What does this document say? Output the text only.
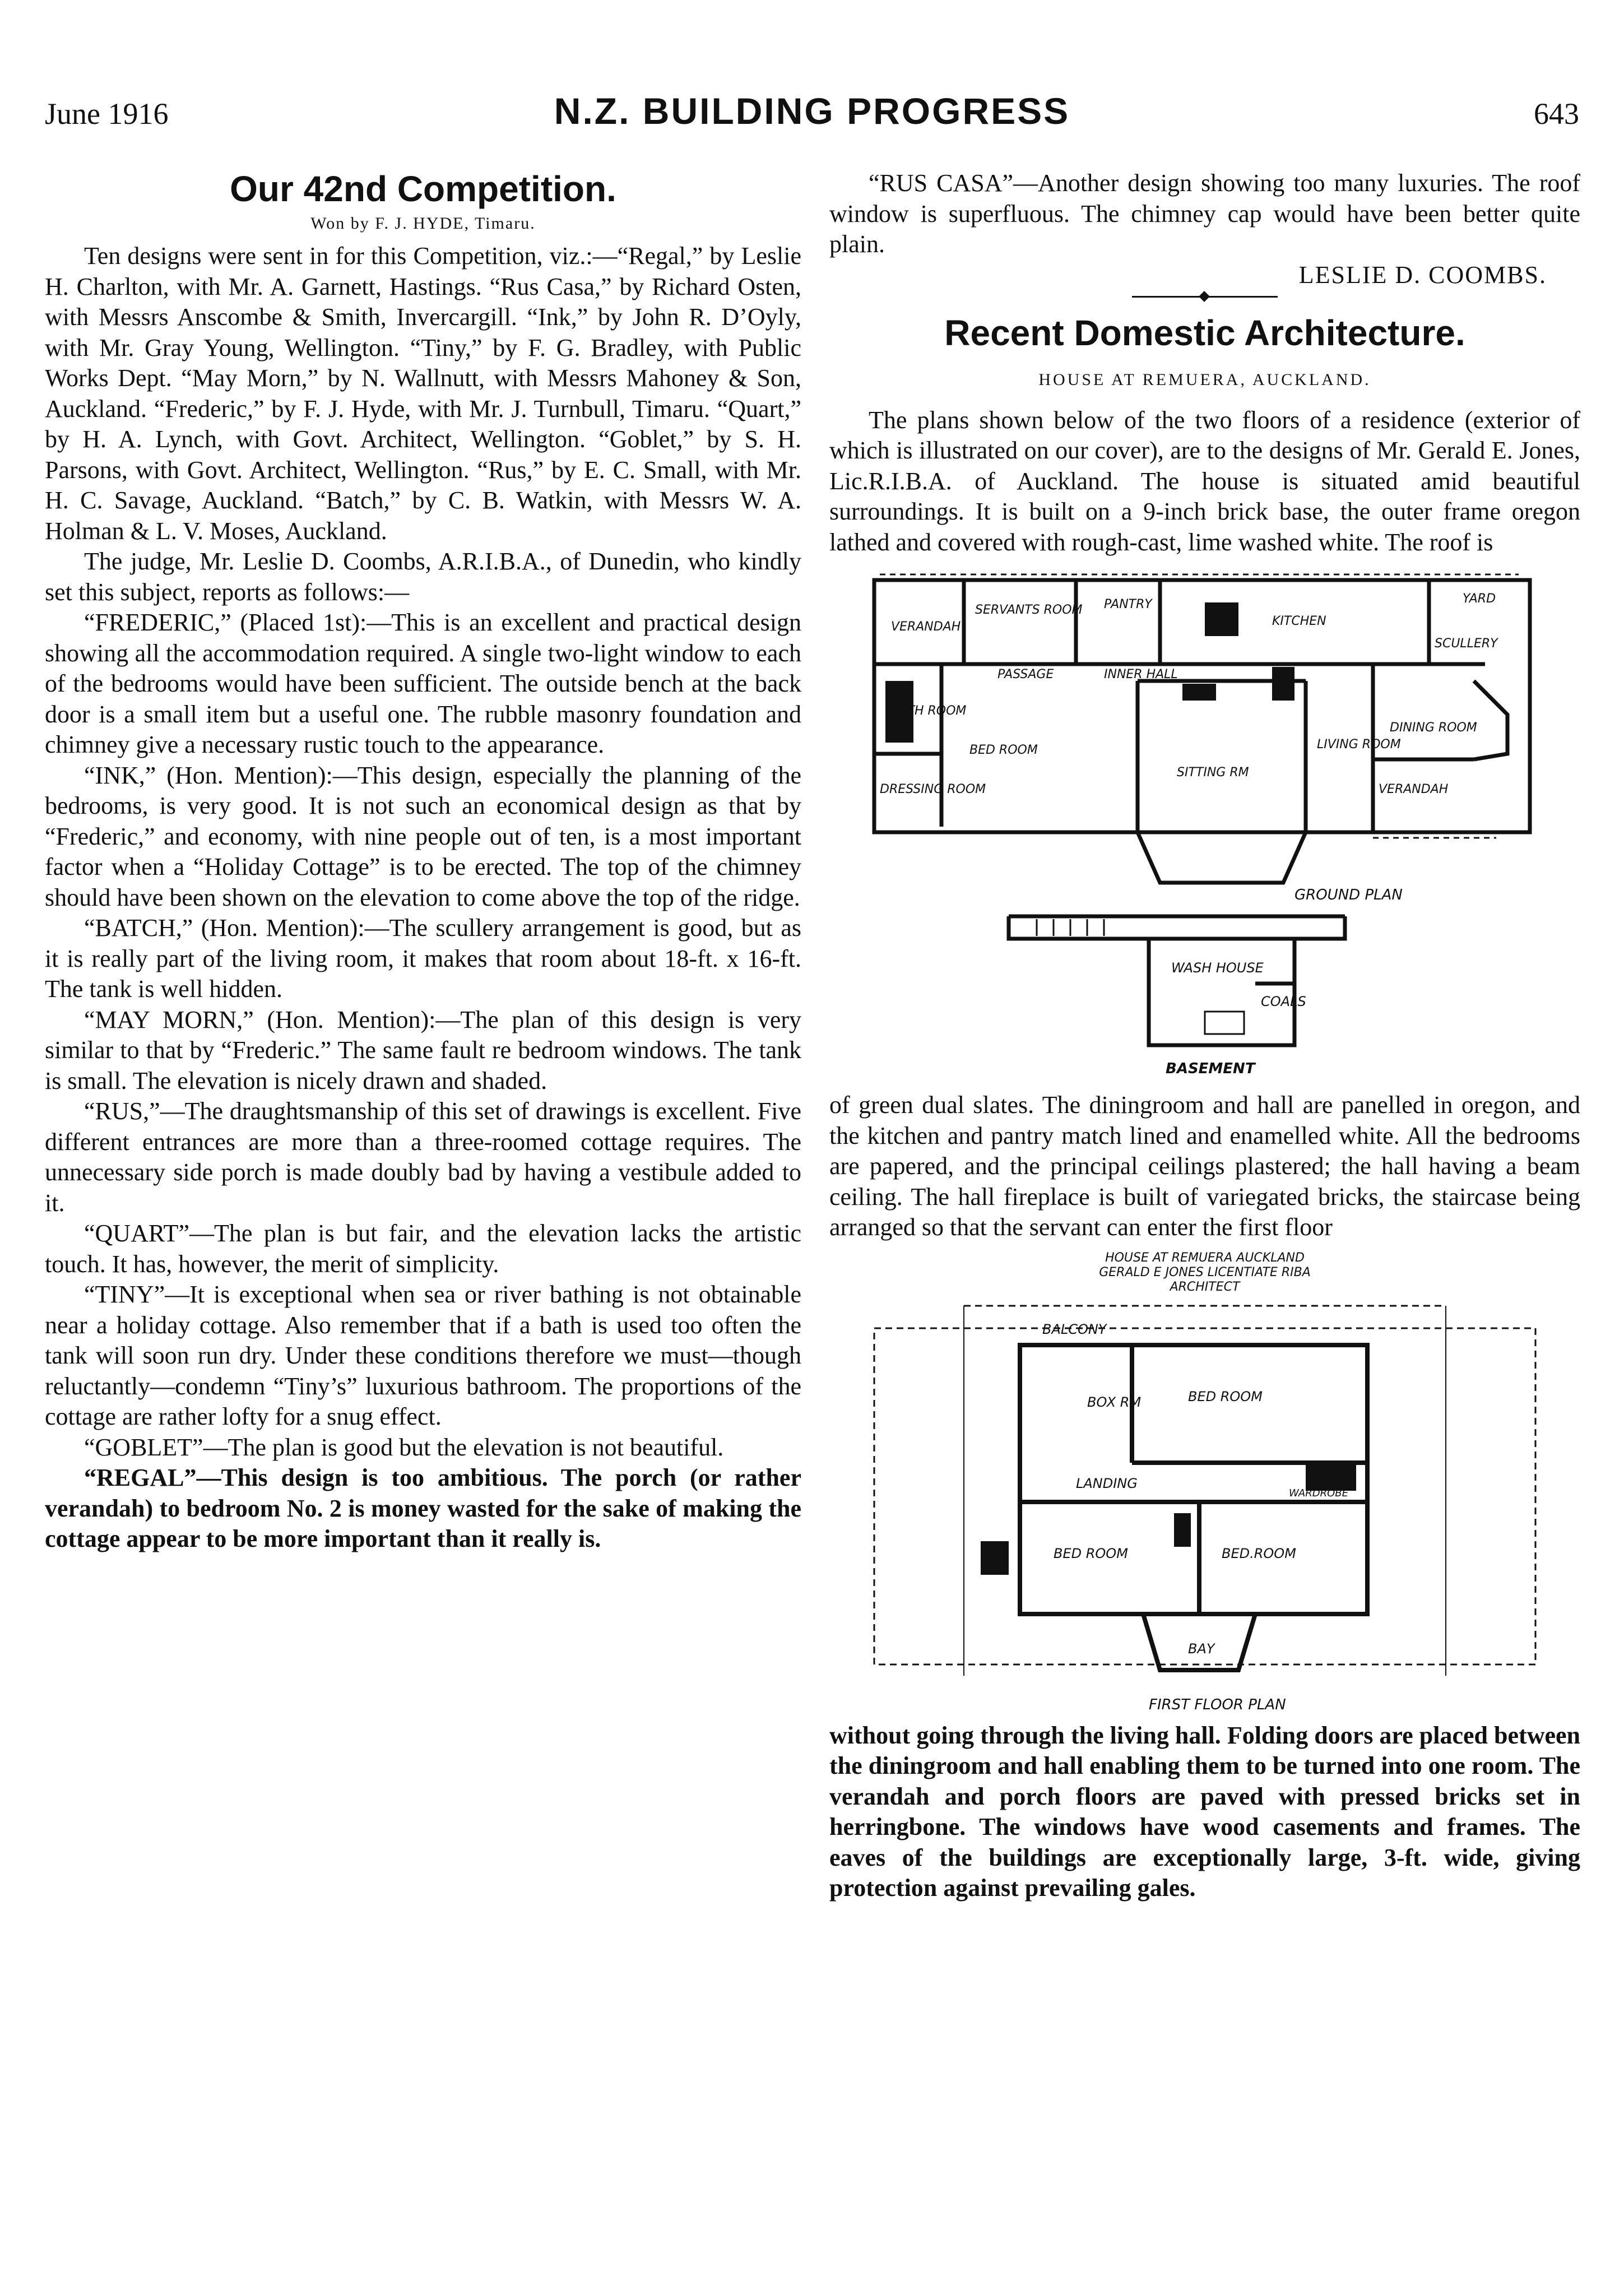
June 1916	N.Z. BUILDING PROGRESS	643
Our 42nd Competition.
Won by F. J. HYDE, Timaru.

Ten designs were sent in for this Competition, viz.:—“Regal,” by Leslie H. Charlton, with Mr. A. Garnett, Hastings. “Rus Casa,” by Richard Osten, with Messrs Anscombe & Smith, Invercargill. “Ink,” by John R. D’Oyly, with Mr. Gray Young, Wellington. “Tiny,” by F. G. Bradley, with Public Works Dept. “May Morn,” by N. Wallnutt, with Messrs Mahoney & Son, Auckland. “Frederic,” by F. J. Hyde, with Mr. J. Turnbull, Timaru. “Quart,” by H. A. Lynch, with Govt. Architect, Wellington. “Goblet,” by S. H. Parsons, with Govt. Architect, Wellington. “Rus,” by E. C. Small, with Mr. H. C. Savage, Auckland. “Batch,” by C. B. Watkin, with Messrs W. A. Holman & L. V. Moses, Auckland.

The judge, Mr. Leslie D. Coombs, A.R.I.B.A., of Dunedin, who kindly set this subject, reports as follows:—

“FREDERIC,” (Placed 1st):—This is an excellent and practical design showing all the accommodation required. A single two-light window to each of the bedrooms would have been sufficient. The outside bench at the back door is a small item but a useful one. The rubble masonry foundation and chimney give a necessary rustic touch to the appearance.

“INK,” (Hon. Mention):—This design, especially the planning of the bedrooms, is very good. It is not such an economical design as that by “Frederic,” and economy, with nine people out of ten, is a most important factor when a “Holiday Cottage” is to be erected. The top of the chimney should have been shown on the elevation to come above the top of the ridge.

“BATCH,” (Hon. Mention):—The scullery arrangement is good, but as it is really part of the living room, it makes that room about 18-ft. x 16-ft. The tank is well hidden.

“MAY MORN,” (Hon. Mention):—The plan of this design is very similar to that by “Frederic.” The same fault re bedroom windows. The tank is small. The elevation is nicely drawn and shaded.

“RUS,”—The draughtsmanship of this set of drawings is excellent. Five different entrances are more than a three-roomed cottage requires. The unnecessary side porch is made doubly bad by having a vestibule added to it.

“QUART”—The plan is but fair, and the elevation lacks the artistic touch. It has, however, the merit of simplicity.

“TINY”—It is exceptional when sea or river bathing is not obtainable near a holiday cottage. Also remember that if a bath is used too often the tank will soon run dry. Under these conditions therefore we must—though reluctantly—condemn “Tiny’s” luxurious bathroom. The proportions of the cottage are rather lofty for a snug effect.

“GOBLET”—The plan is good but the elevation is not beautiful.

“REGAL”—This design is too ambitious. The porch (or rather verandah) to bedroom No. 2 is money wasted for the sake of making the cottage appear to be more important than it really is.

“RUS CASA”—Another design showing too many luxuries. The roof window is superfluous. The chimney cap would have been better quite plain.

LESLIE D. COOMBS.
Recent Domestic Architecture.
HOUSE AT REMUERA, AUCKLAND.

The plans shown below of the two floors of a residence (exterior of which is illustrated on our cover), are to the designs of Mr. Gerald E. Jones, Lic.R.I.B.A. of Auckland. The house is situated amid beautiful surroundings. It is built on a 9-inch brick base, the outer frame oregon lathed and covered with rough-cast, lime washed white. The roof is

VERANDAH
SERVANTS ROOM PANTRY
KITCHEN
YARD
SCULLERY
PASSAGE
BATH ROOM
INNER HALL
DINING ROOM
BED ROOM
DRESSING ROOM
SITTING RM
LIVING ROOM
VERANDAH
GROUND PLAN
WASH HOUSE
COALS
BASEMENT

of green dual slates. The diningroom and hall are panelled in oregon, and the kitchen and pantry match lined and enamelled white. All the bedrooms are papered, and the principal ceilings plastered; the hall having a beam ceiling. The hall fireplace is built of variegated bricks, the staircase being arranged so that the servant can enter the first floor

HOUSE AT REMUERA AUCKLAND
GERALD E JONES LICENTIATE RIBA
ARCHITECT
BALCONY
BED ROOM
BOX RM
LANDING
WARDROBE
BED ROOM	BED.ROOM
BAY
FIRST FLOOR PLAN

without going through the living hall. Folding doors are placed between the diningroom and hall enabling them to be turned into one room. The verandah and porch floors are paved with pressed bricks set in herringbone. The windows have wood casements and frames. The eaves of the buildings are exceptionally large, 3-ft. wide, giving protection against prevailing gales.
